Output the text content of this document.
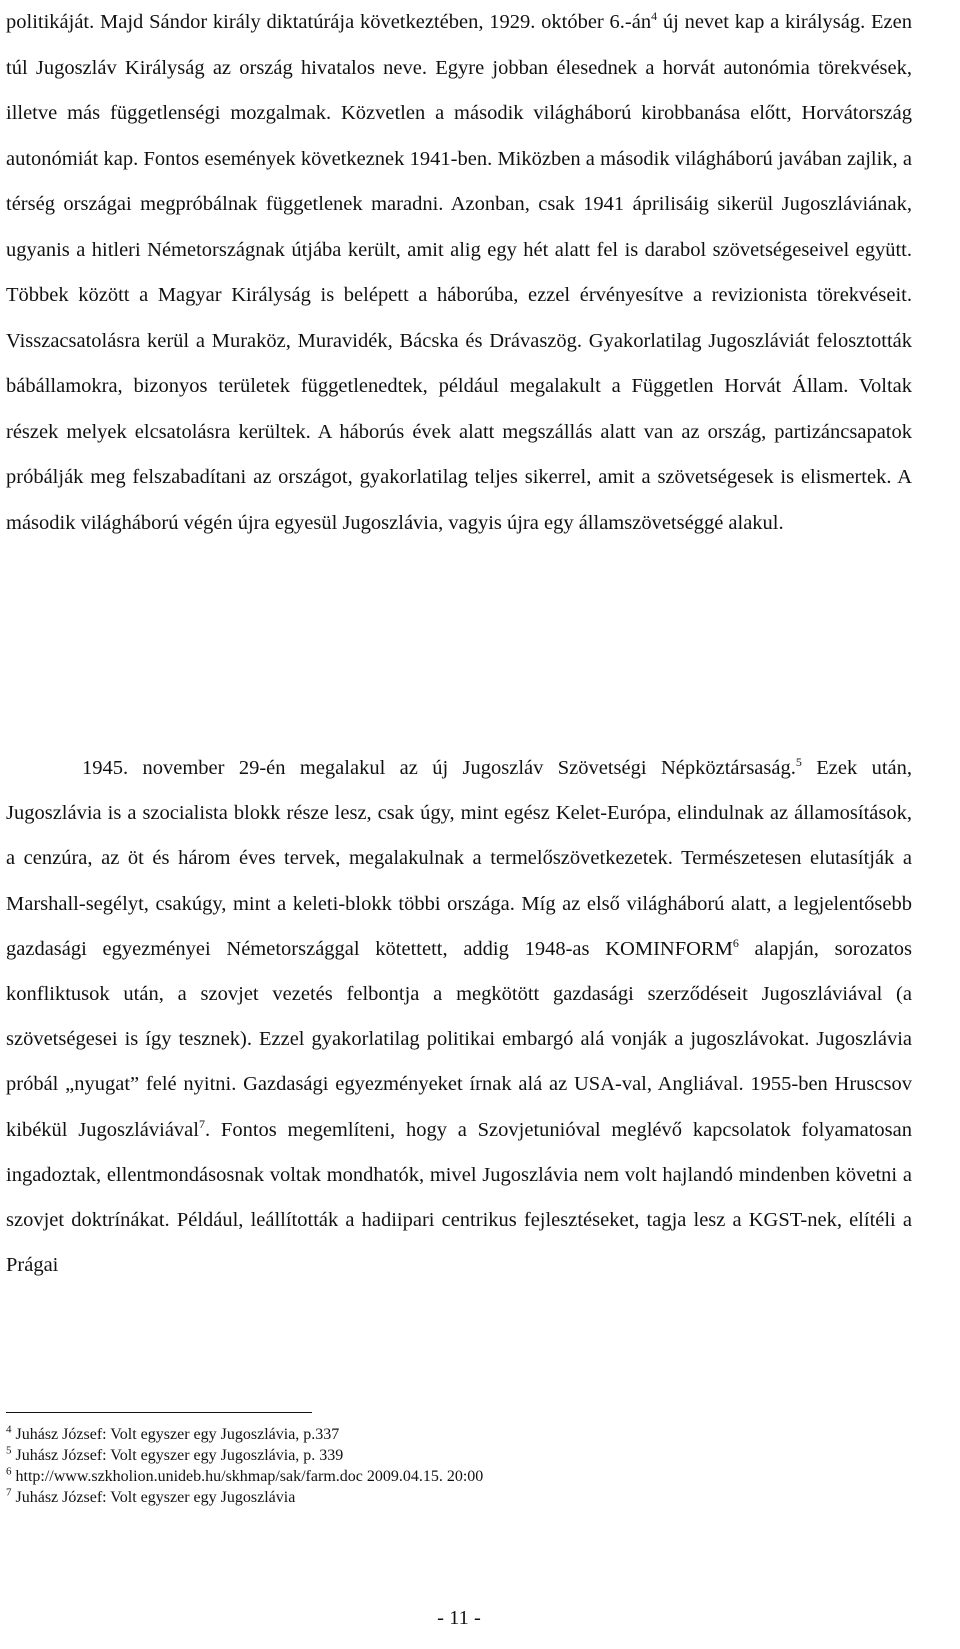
politikáját. Majd Sándor király diktatúrája következtében, 1929. október $6.-án^4$ új nevet kap a királyság. Ezen túl Jugoszláv Királyság az ország hivatalos neve. Egyre jobban élesednek a horvát autonómia törekvések, illetve más függetlenségi mozgalmak. Közvetlen a második világháború kirobbanása előtt, Horvátország autonómiát kap. Fontos események következnek 1941-ben. Miközben a második világháború javában zajlik, a térség országai megpróbálnak függetlenek maradni. Azonban, csak 1941 áprilisáig sikerül Jugoszláviának, ugyanis a hitleri Németországnak útjába került, amit alig egy hét alatt fel is darabol szövetségeseivel együtt. Többek között a Magyar Királyság is belépett a háborúba, ezzel érvényesítve a revizionista törekvéseit. Visszacsatolásra kerül a Muraköz, Muravidék, Bácska és Drávaszög. Gyakorlatilag Jugoszláviát felosztották bábállamokra, bizonyos területek függetlenedtek, például megalakult a Független Horvát Állam. Voltak részek melyek elcsatolásra kerültek. A háborús évek alatt megszállás alatt van az ország, partizáncsapatok próbálják meg felszabadítani az országot, gyakorlatilag teljes sikerrel, amit a szövetségesek is elismertek. A második világháború végén újra egyesül Jugoszlávia, vagyis újra egy államszövetséggé alakul.

1945. november 29-én megalakul az új Jugoszláv Szövetségi Népköztársaság.$^5$ Ezek után, Jugoszlávia is a szocialista blokk része lesz, csak úgy, mint egész Kelet-Európa, elindulnak az államosítások, a cenzúra, az öt és három éves tervek, megalakulnak a termelőszövetkezetek. Természetesen elutasítják a Marshall-segélyt, csakúgy, mint a keleti-blokk többi országa. Míg az első világháború alatt, a legjelentősebb gazdasági egyezményei Németországgal kötettett, addig 1948-as KOMINFORM$^6$ alapján, sorozatos konfliktusok után, a szovjet vezetés felbontja a megkötött gazdasági szerződéseit Jugoszláviával (a szövetségesei is így tesznek). Ezzel gyakorlatilag politikai embargó alá vonják a jugoszlávokat. Jugoszlávia próbál „nyugat” felé nyitni. Gazdasági egyezményeket írnak alá az USA-val, Angliával. 1955-ben Hruscsov kibékül Jugoszláviával$^7$. Fontos megemlíteni, hogy a Szovjetunióval meglévő kapcsolatok folyamatosan ingadoztak, ellentmondásosnak voltak mondhatók, mivel Jugoszlávia nem volt hajlandó mindenben követni a szovjet doktrínákat. Például, leállították a hadiipari centrikus fejlesztéseket, tagja lesz a KGST-nek, elítéli a Prágai

$^4$ Juhász József: Volt egyszer egy Jugoszlávia, p.337
$^5$ Juhász József: Volt egyszer egy Jugoszlávia, p. 339
$^6$ http://www.szkholion.unideb.hu/skhmap/sak/farm.doc 2009.04.15. 20:00
$^7$ Juhász József: Volt egyszer egy Jugoszlávia
- 11 -
